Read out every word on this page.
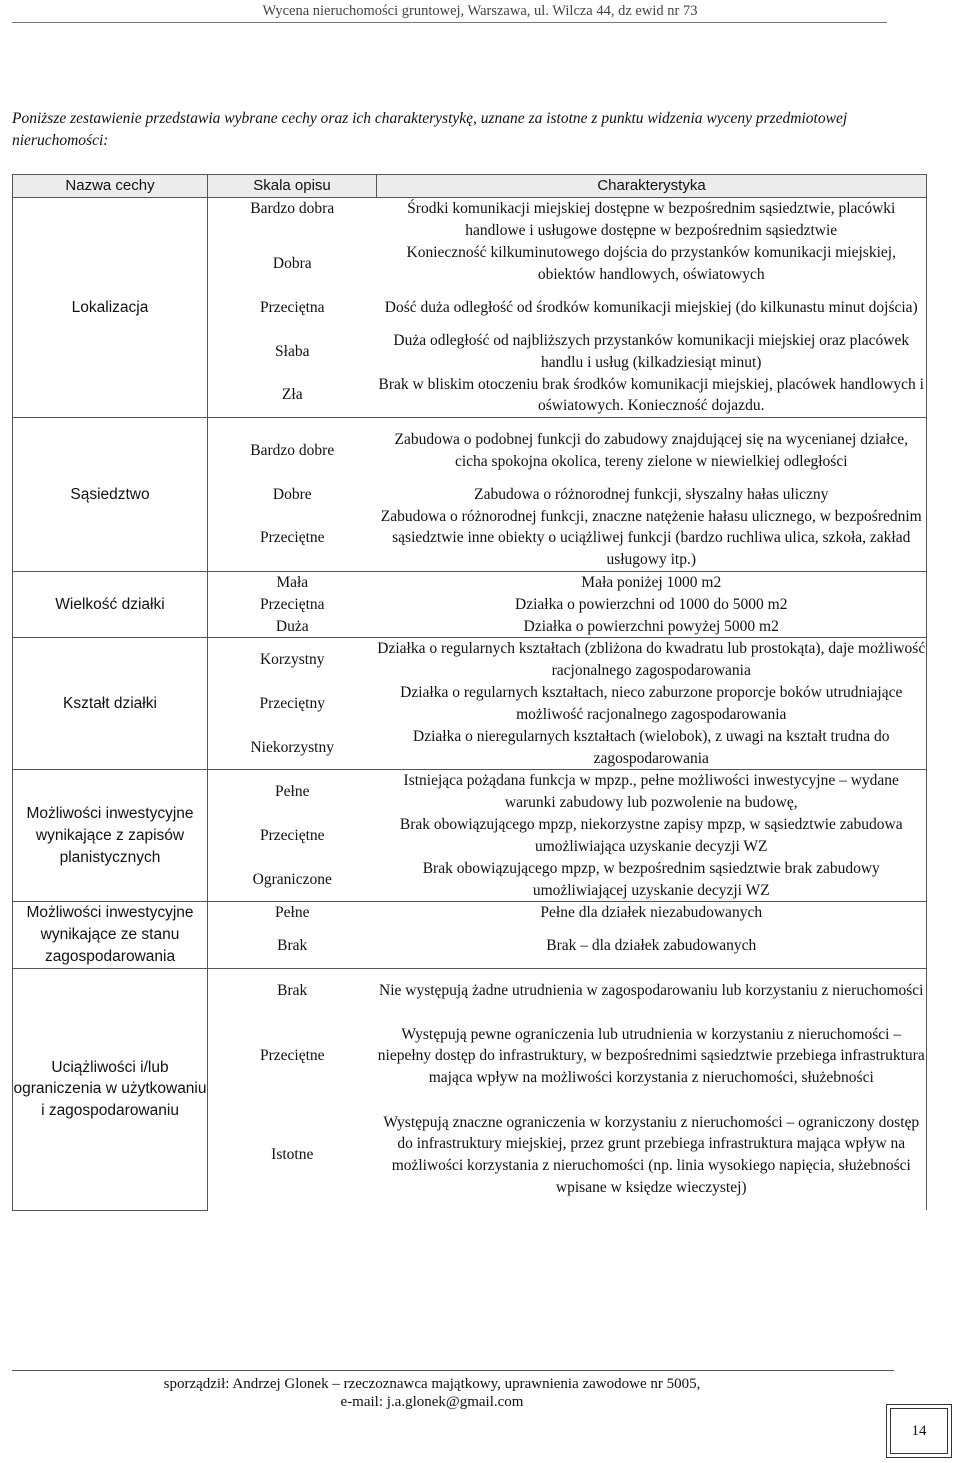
Wycena nieruchomości gruntowej, Warszawa, ul. Wilcza 44, dz ewid nr 73
Poniższe zestawienie przedstawia wybrane cechy oraz ich charakterystykę, uznane za istotne z punktu widzenia wyceny przedmiotowej nieruchomości:
Nazwa cechy	Skala opisu	Charakterystyka
Lokalizacja	Bardzo dobra	Środki komunikacji miejskiej dostępne w bezpośrednim sąsiedztwie, placówki handlowe i usługowe dostępne w bezpośrednim sąsiedztwie
	Dobra	Konieczność kilkuminutowego dojścia do przystanków komunikacji miejskiej, obiektów handlowych, oświatowych
	Przeciętna	Dość duża odległość od środków komunikacji miejskiej (do kilkunastu minut dojścia)
	Słaba	Duża odległość od najbliższych przystanków komunikacji miejskiej oraz placówek handlu i usług (kilkadziesiąt minut)
	Zła	Brak w bliskim otoczeniu brak środków komunikacji miejskiej, placówek handlowych i oświatowych. Konieczność dojazdu.
Sąsiedztwo	Bardzo dobre	Zabudowa o podobnej funkcji do zabudowy znajdującej się na wycenianej działce, cicha spokojna okolica, tereny zielone w niewielkiej odległości
	Dobre	Zabudowa o różnorodnej funkcji, słyszalny hałas uliczny
	Przeciętne	Zabudowa o różnorodnej funkcji, znaczne natężenie hałasu ulicznego, w bezpośrednim sąsiedztwie inne obiekty o uciążliwej funkcji (bardzo ruchliwa ulica, szkoła, zakład usługowy itp.)
Wielkość działki	Mała	Mała poniżej 1000 m2
	Przeciętna	Działka o powierzchni od 1000 do 5000 m2
	Duża	Działka o powierzchni powyżej 5000 m2
Kształt działki	Korzystny	Działka o regularnych kształtach (zbliżona do kwadratu lub prostokąta), daje możliwość racjonalnego zagospodarowania
	Przeciętny	Działka o regularnych kształtach, nieco zaburzone proporcje boków utrudniające możliwość racjonalnego zagospodarowania
	Niekorzystny	Działka o nieregularnych kształtach (wielobok), z uwagi na kształt trudna do zagospodarowania
Możliwości inwestycyjne wynikające z zapisów planistycznych	Pełne	Istniejąca pożądana funkcja w mpzp., pełne możliwości inwestycyjne – wydane warunki zabudowy lub pozwolenie na budowę,
	Przeciętne	Brak obowiązującego mpzp, niekorzystne zapisy mpzp, w sąsiedztwie zabudowa umożliwiająca uzyskanie decyzji WZ
	Ograniczone	Brak obowiązującego mpzp, w bezpośrednim sąsiedztwie brak zabudowy umożliwiającej uzyskanie decyzji WZ
Możliwości inwestycyjne wynikające ze stanu zagospodarowania	Pełne	Pełne dla działek niezabudowanych
	Brak	Brak – dla działek zabudowanych
Uciążliwości i/lub ograniczenia w użytkowaniu i zagospodarowaniu	Brak	Nie występują żadne utrudnienia w zagospodarowaniu lub korzystaniu z nieruchomości
	Przeciętne	Występują pewne ograniczenia lub utrudnienia w korzystaniu z nieruchomości – niepełny dostęp do infrastruktury, w bezpośrednimi sąsiedztwie przebiega infrastruktura mająca wpływ na możliwości korzystania z nieruchomości, służebności
	Istotne	Występują znaczne ograniczenia w korzystaniu z nieruchomości – ograniczony dostęp do infrastruktury miejskiej, przez grunt przebiega infrastruktura mająca wpływ na możliwości korzystania z nieruchomości (np. linia wysokiego napięcia, służebności wpisane w księdze wieczystej)
sporządził: Andrzej Glonek – rzeczoznawca majątkowy, uprawnienia zawodowe nr 5005,
e-mail: j.a.glonek@gmail.com
14
